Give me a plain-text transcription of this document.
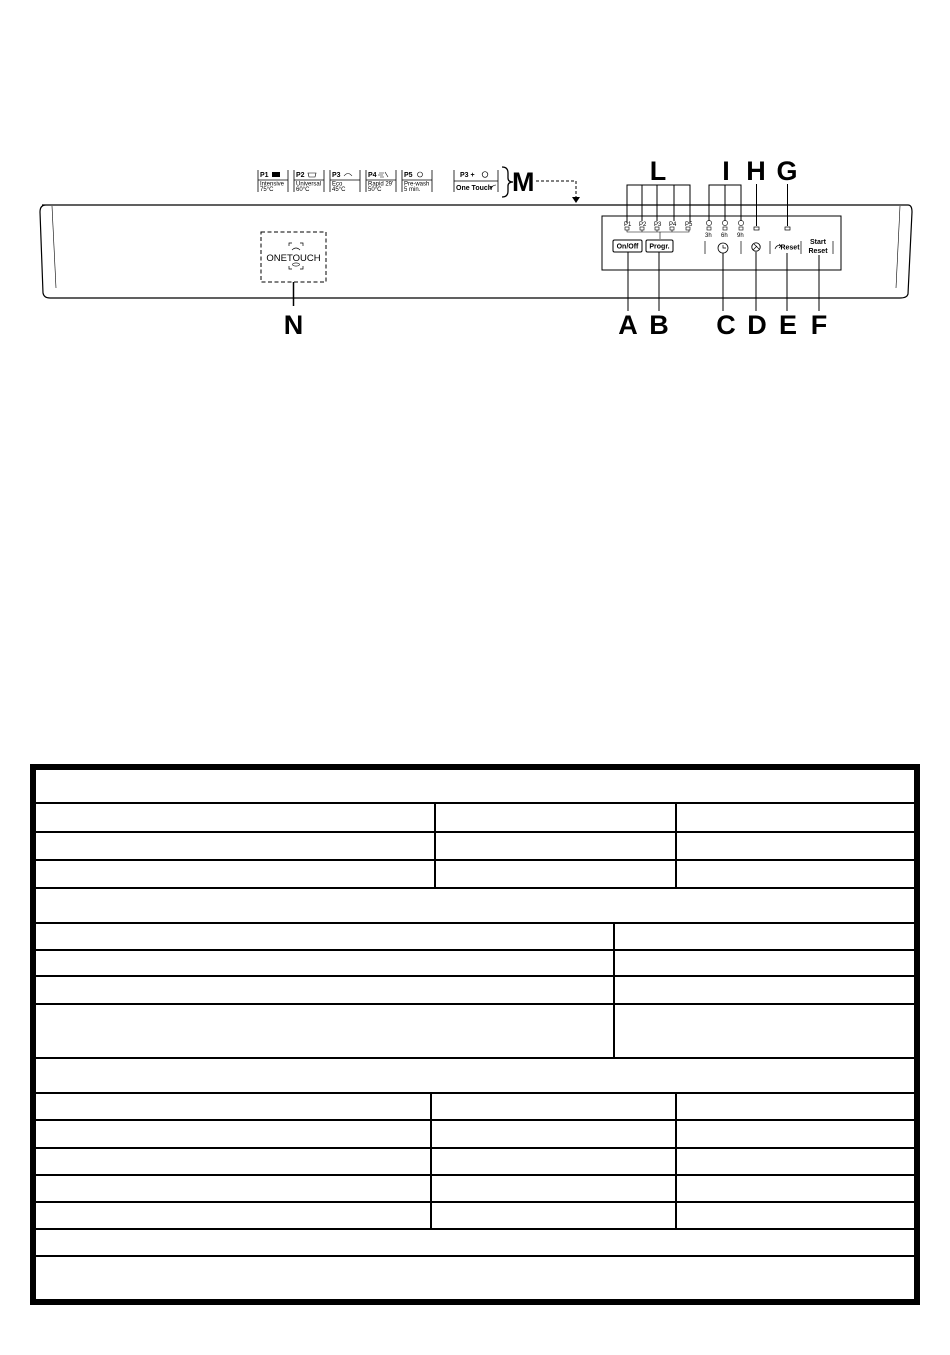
P1
Intensive
75°C
P2
Universal
60°C
P3
Eco
45°C
P4
Rapid 29'
50°C
P5
Pre-wash
5 min.
P3 +
One Touch M
ONETOUCH
N
P1 P2 P3 P4 P5
L
3h 6h 9h
I H G
On/Off Progr.	Reset
Start
Reset
A B C D E F
